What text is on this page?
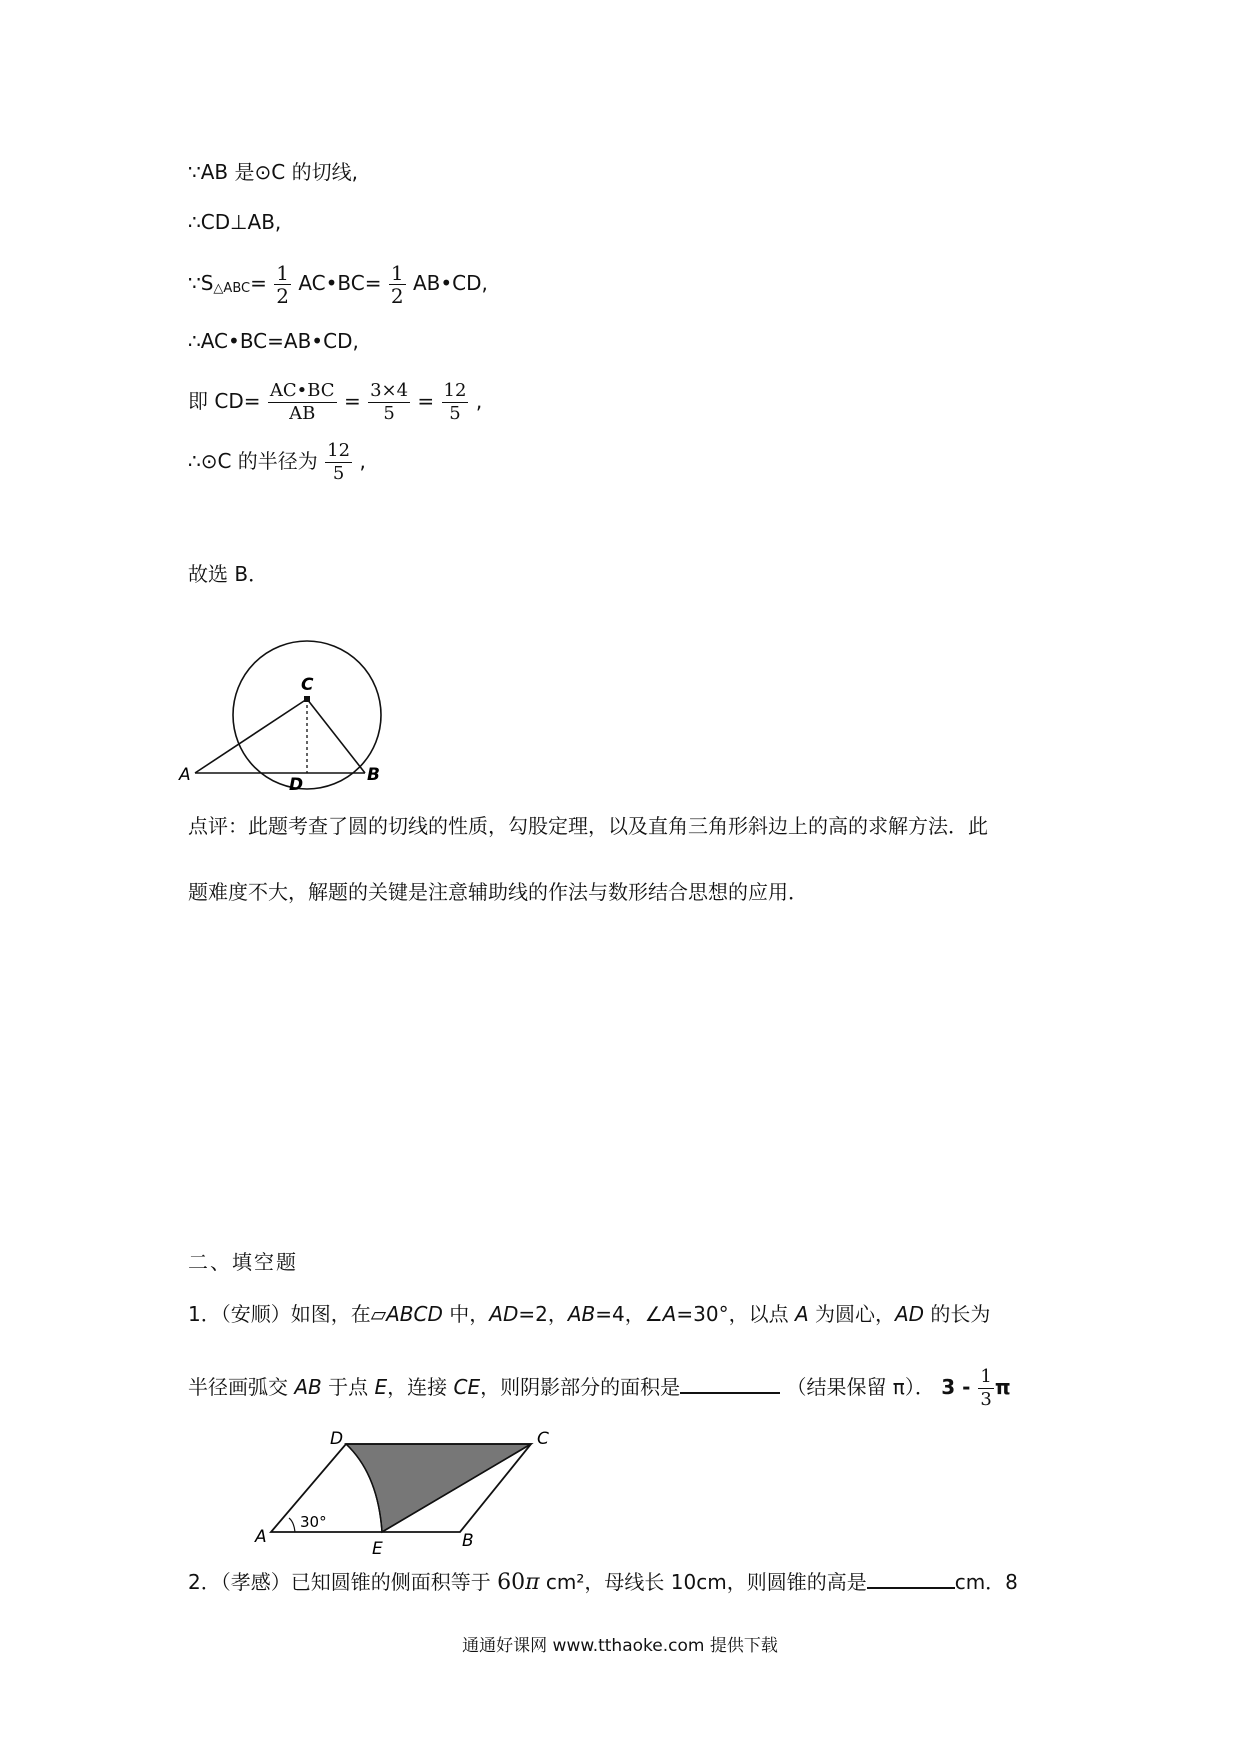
∵AB 是⊙C 的切线,
∴CD⊥AB,
∵S△ABC= $\frac{1}{2}$ AC•BC= $\frac{1}{2}$ AB•CD,
∴AC•BC=AB•CD,
即 $CD= \frac{AC•BC}{AB} = \frac{3\times 4}{5} = \frac{12}{5}$ ,
∴⊙C 的半径为 $\frac{12}{5}$ ,
故选 B．
C
A	D	B
点评：此题考查了圆的切线的性质，勾股定理，以及直角三角形斜边上的高的求解方法．此
题难度不大，解题的关键是注意辅助线的作法与数形结合思想的应用．
二、填空题
1．（安顺）如图，在▱ABCD 中，AD=2，AB=4，∠A=30°，以点 A 为圆心，AD 的长为
半径画弧交 AB 于点 E，连接 CE，则阴影部分的面积是	（结果保留 π）． $3 - \frac{1}{3}$ π
30°
D	C
A	B
E
2．（孝感）已知圆锥的侧面积等于 60π cm²，母线长 10cm，则圆锥的高是	cm．8
通通好课网 www.tthaoke.com 提供下载
